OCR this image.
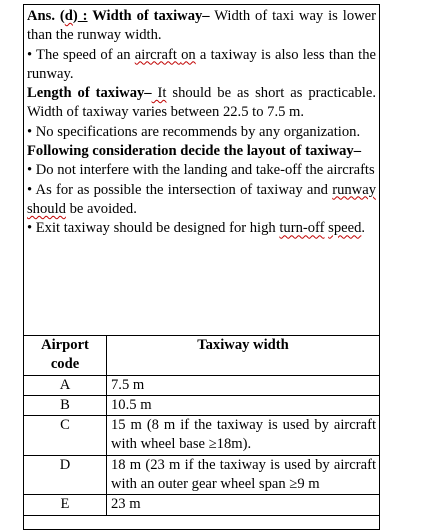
Ans. (d) : Width of taxiway– Width of taxi way is lower than the runway width.

• The speed of an aircraft on a taxiway is also less than the runway.

Length of taxiway– It should be as short as practicable. Width of taxiway varies between 22.5 to 7.5 m.

• No specifications are recommends by any organization.

Following consideration decide the layout of taxiway–

• Do not interfere with the landing and take-off the aircrafts

• As for as possible the intersection of taxiway and runway should be avoided.

• Exit taxiway should be designed for high turn-off speed.

Airport code	Taxiway width
A	7.5 m
B	10.5 m
C	15 m (8 m if the taxiway is used by aircraft with wheel base ≥18m).
D	18 m (23 m if the taxiway is used by aircraft with an outer gear wheel span ≥9 m
E	23 m
